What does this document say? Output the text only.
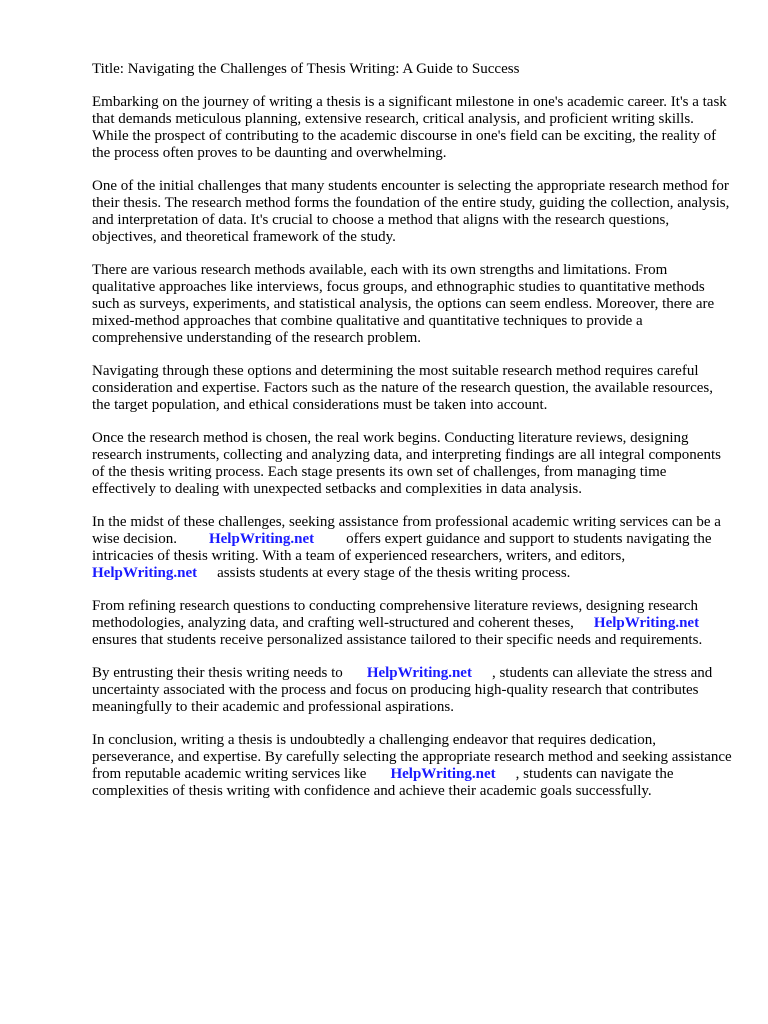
Title: Navigating the Challenges of Thesis Writing: A Guide to Success

Embarking on the journey of writing a thesis is a significant milestone in one's academic career. It's a task that demands meticulous planning, extensive research, critical analysis, and proficient writing skills. While the prospect of contributing to the academic discourse in one's field can be exciting, the reality of the process often proves to be daunting and overwhelming.

One of the initial challenges that many students encounter is selecting the appropriate research method for their thesis. The research method forms the foundation of the entire study, guiding the collection, analysis, and interpretation of data. It's crucial to choose a method that aligns with the research questions, objectives, and theoretical framework of the study.

There are various research methods available, each with its own strengths and limitations. From qualitative approaches like interviews, focus groups, and ethnographic studies to quantitative methods such as surveys, experiments, and statistical analysis, the options can seem endless. Moreover, there are mixed-method approaches that combine qualitative and quantitative techniques to provide a comprehensive understanding of the research problem.

Navigating through these options and determining the most suitable research method requires careful consideration and expertise. Factors such as the nature of the research question, the available resources, the target population, and ethical considerations must be taken into account.

Once the research method is chosen, the real work begins. Conducting literature reviews, designing research instruments, collecting and analyzing data, and interpreting findings are all integral components of the thesis writing process. Each stage presents its own set of challenges, from managing time effectively to dealing with unexpected setbacks and complexities in data analysis.

In the midst of these challenges, seeking assistance from professional academic writing services can be a wise decision. HelpWriting.net offers expert guidance and support to students navigating the intricacies of thesis writing. With a team of experienced researchers, writers, and editors,HelpWriting.net assists students at every stage of the thesis writing process.

From refining research questions to conducting comprehensive literature reviews, designing research methodologies, analyzing data, and crafting well-structured and coherent theses, HelpWriting.netensures that students receive personalized assistance tailored to their specific needs and requirements.

By entrusting their thesis writing needs to HelpWriting.net , students can alleviate the stress and uncertainty associated with the process and focus on producing high-quality research that contributes meaningfully to their academic and professional aspirations.

In conclusion, writing a thesis is undoubtedly a challenging endeavor that requires dedication, perseverance, and expertise. By carefully selecting the appropriate research method and seeking assistance from reputable academic writing services like HelpWriting.net , students can navigate the complexities of thesis writing with confidence and achieve their academic goals successfully.
